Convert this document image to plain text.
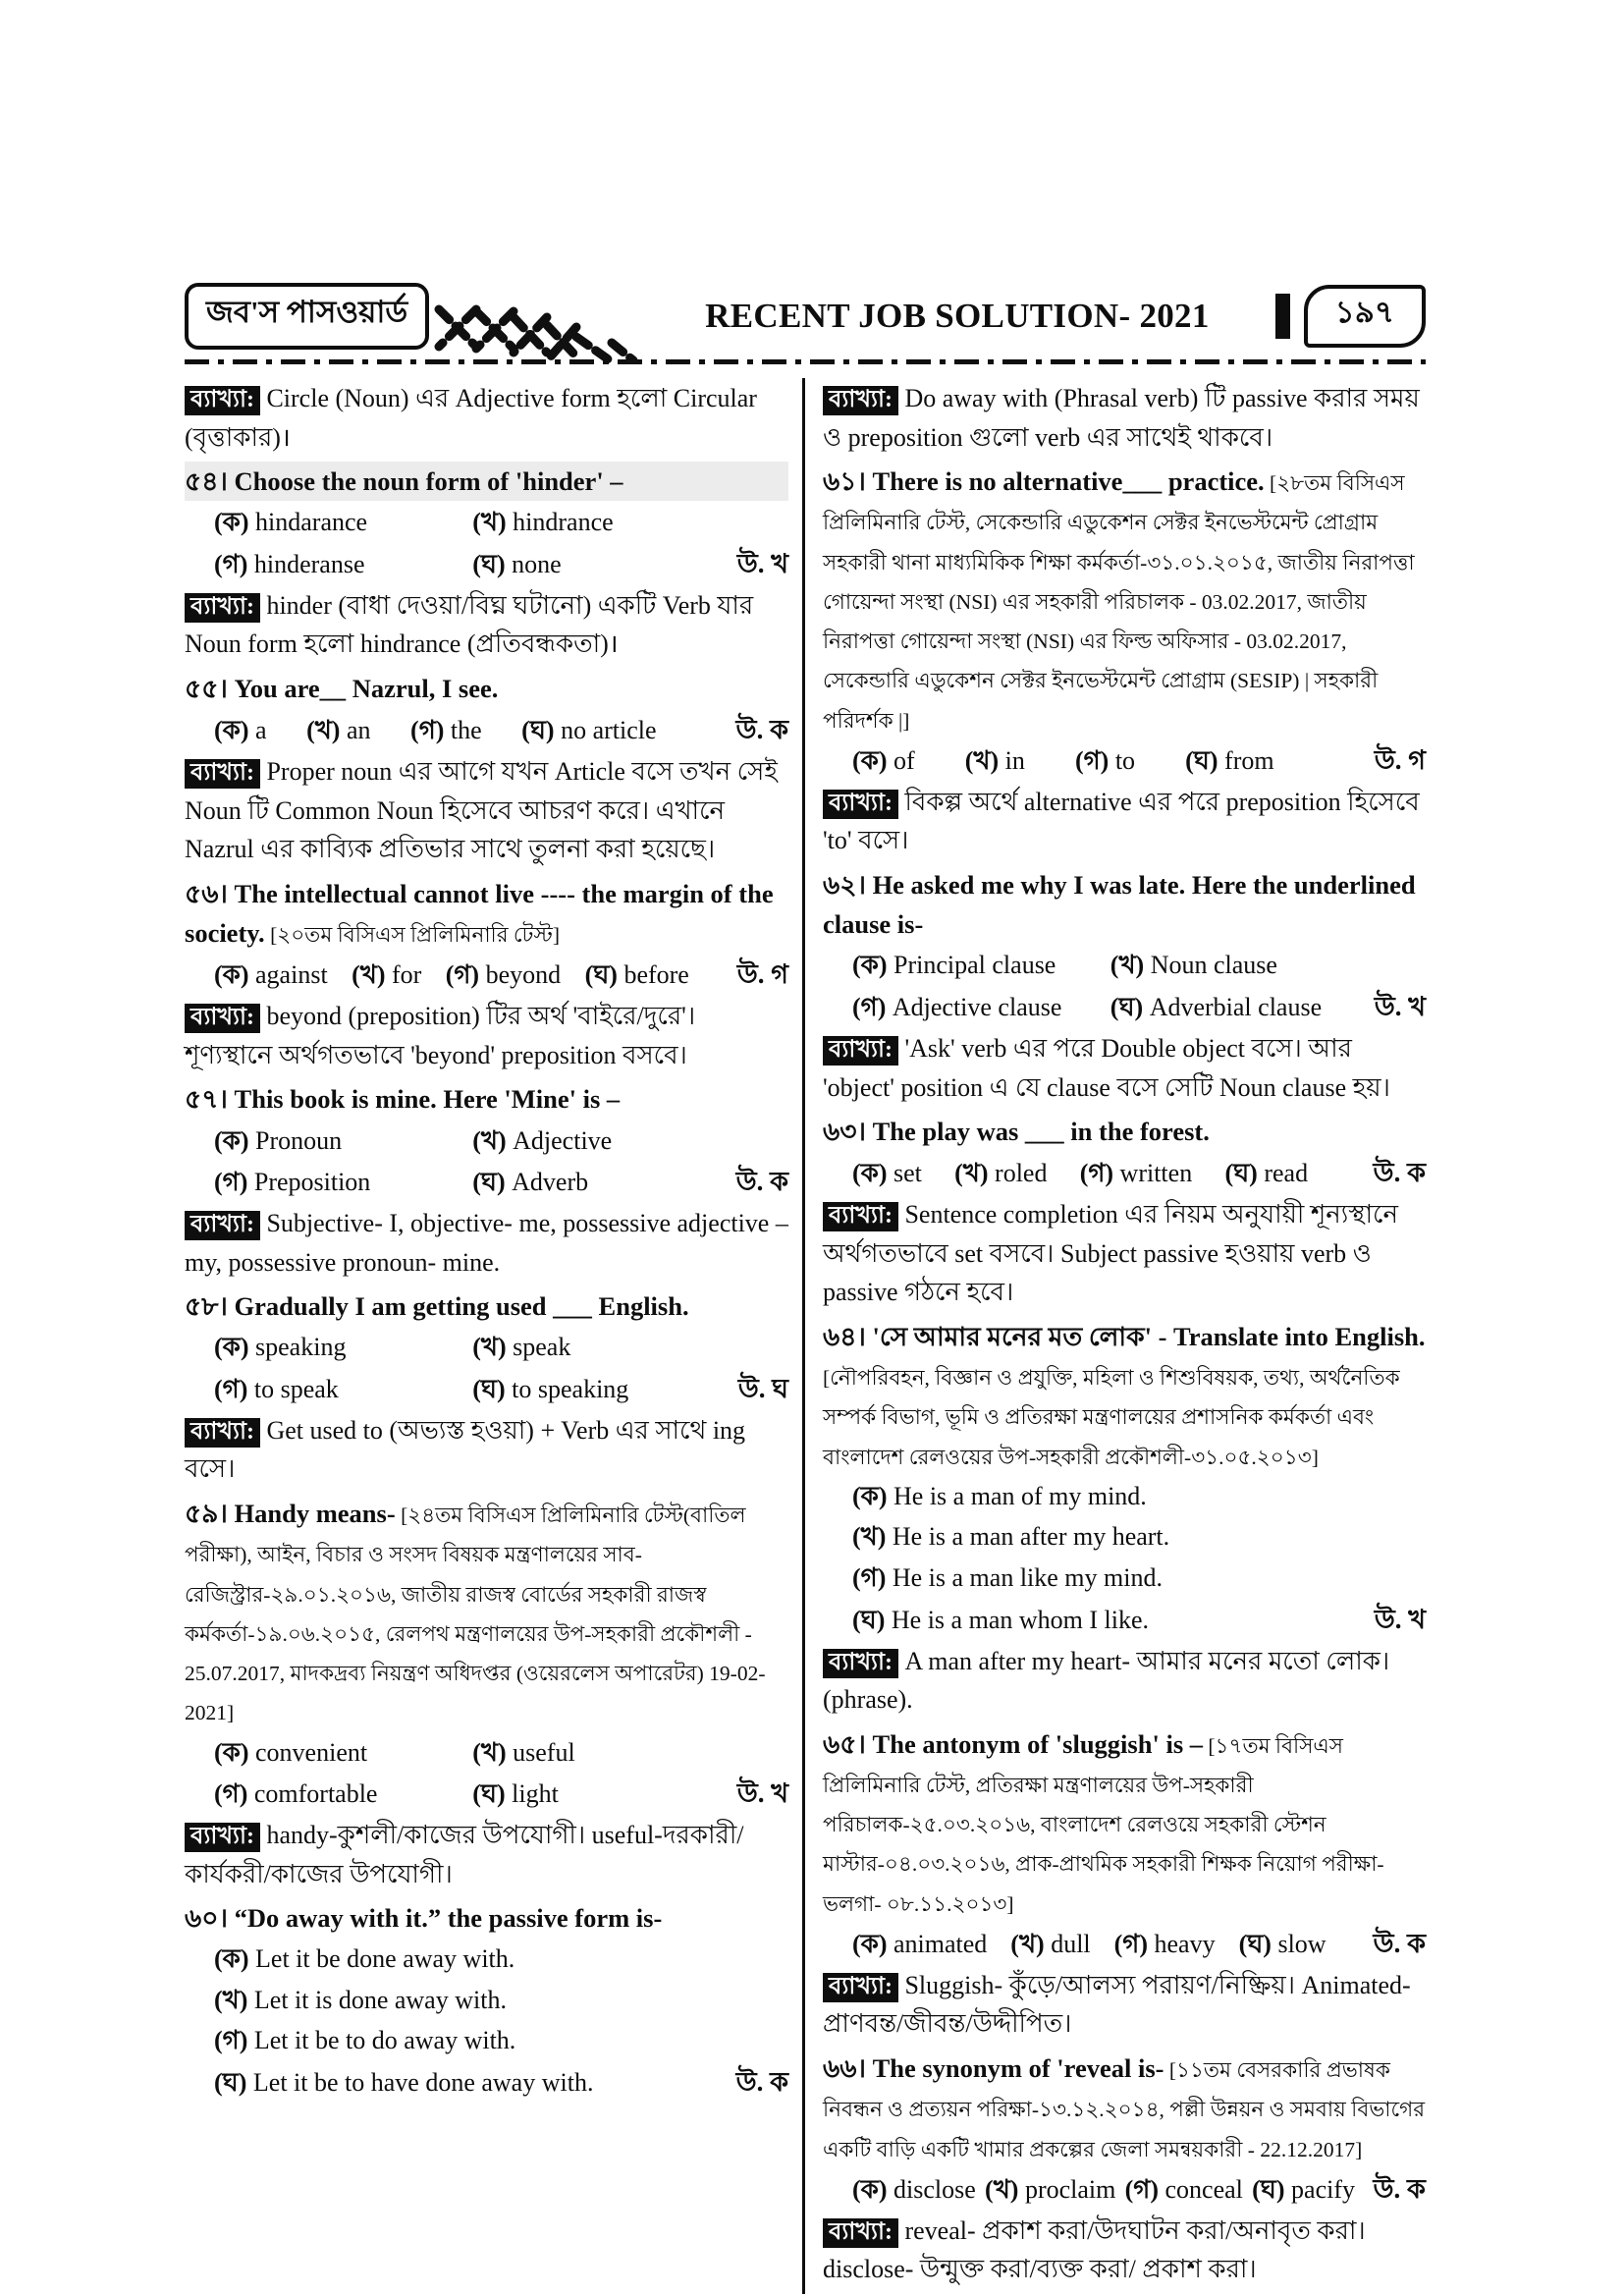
জব'স পাসওয়ার্ড	RECENT JOB SOLUTION- 2021	১৯৭
ব্যাখ্যা: Circle (Noun) এর Adjective form হলো Circular (বৃত্তাকার)।
৫৪। Choose the noun form of 'hinder' –
(ক) hindarance	(খ) hindrance
(গ) hinderanse	(ঘ) none	উ. খ
ব্যাখ্যা: hinder (বাধা দেওয়া/বিঘ্ন ঘটানো) একটি Verb যার Noun form হলো hindrance (প্রতিবন্ধকতা)।
৫৫। You are__ Nazrul, I see.
(ক) a (খ) an (গ) the (ঘ) no article	উ. ক
ব্যাখ্যা: Proper noun এর আগে যখন Article বসে তখন সেই Noun টি Common Noun হিসেবে আচরণ করে। এখানে Nazrul এর কাব্যিক প্রতিভার সাথে তুলনা করা হয়েছে।
৫৬। The intellectual cannot live ---- the margin of the society. [২০তম বিসিএস প্রিলিমিনারি টেস্ট]
(ক) against (খ) for (গ) beyond (ঘ) before উ. গ
ব্যাখ্যা: beyond (preposition) টির অর্থ 'বাইরে/দুরে'। শূণ্যস্থানে অর্থগতভাবে 'beyond' preposition বসবে।
৫৭। This book is mine. Here 'Mine' is –
(ক) Pronoun	(খ) Adjective
(গ) Preposition	(ঘ) Adverb	উ. ক
ব্যাখ্যা: Subjective- I, objective- me, possessive adjective – my, possessive pronoun- mine.
৫৮। Gradually I am getting used ___ English.
(ক) speaking	(খ) speak
(গ) to speak	(ঘ) to speaking	উ. ঘ
ব্যাখ্যা: Get used to (অভ্যস্ত হওয়া) + Verb এর সাথে ing বসে।
৫৯। Handy means- [২৪তম বিসিএস প্রিলিমিনারি টেস্ট(বাতিল পরীক্ষা), আইন, বিচার ও সংসদ বিষয়ক মন্ত্রণালয়ের সাব-রেজিস্ট্রার-২৯.০১.২০১৬, জাতীয় রাজস্ব বোর্ডের সহকারী রাজস্ব কর্মকর্তা-১৯.০৬.২০১৫, রেলপথ মন্ত্রণালয়ের উপ-সহকারী প্রকৌশলী - 25.07.2017, মাদকদ্রব্য নিয়ন্ত্রণ অধিদপ্তর (ওয়েরলেস অপারেটর) 19-02-2021]
(ক) convenient	(খ) useful
(গ) comfortable	(ঘ) light	উ. খ
ব্যাখ্যা: handy-কুশলী/কাজের উপযোগী। useful-দরকারী/কার্যকরী/কাজের উপযোগী।
৬০। “Do away with it.” the passive form is-
(ক) Let it be done away with.
(খ) Let it is done away with.
(গ) Let it be to do away with.
(ঘ) Let it be to have done away with.	উ. ক
ব্যাখ্যা: Do away with (Phrasal verb) টি passive করার সময় ও preposition গুলো verb এর সাথেই থাকবে।
৬১। There is no alternative___ practice. [২৮তম বিসিএস প্রিলিমিনারি টেস্ট, সেকেন্ডারি এডুকেশন সেক্টর ইনভেস্টমেন্ট প্রোগ্রাম সহকারী থানা মাধ্যমিকিক শিক্ষা কর্মকর্তা-৩১.০১.২০১৫, জাতীয় নিরাপত্তা গোয়েন্দা সংস্থা (NSI) এর সহকারী পরিচালক - 03.02.2017, জাতীয় নিরাপত্তা গোয়েন্দা সংস্থা (NSI) এর ফিল্ড অফিসার - 03.02.2017, সেকেন্ডারি এডুকেশন সেক্টর ইনভেস্টমেন্ট প্রোগ্রাম (SESIP) | সহকারী পরিদর্শক |]
(ক) of (খ) in (গ) to (ঘ) from	উ. গ
ব্যাখ্যা: বিকল্প অর্থে alternative এর পরে preposition হিসেবে 'to' বসে।
৬২। He asked me why I was late. Here the underlined clause is-
(ক) Principal clause	(খ) Noun clause
(গ) Adjective clause	(ঘ) Adverbial clause	উ. খ
ব্যাখ্যা: 'Ask' verb এর পরে Double object বসে। আর 'object' position এ যে clause বসে সেটি Noun clause হয়।
৬৩। The play was ___ in the forest.
(ক) set (খ) roled (গ) written (ঘ) read উ. ক
ব্যাখ্যা: Sentence completion এর নিয়ম অনুযায়ী শূন্যস্থানে অর্থগতভাবে set বসবে। Subject passive হওয়ায় verb ও passive গঠনে হবে।
৬৪। 'সে আমার মনের মত লোক' - Translate into English. [নৌপরিবহন, বিজ্ঞান ও প্রযুক্তি, মহিলা ও শিশুবিষয়ক, তথ্য, অর্থনৈতিক সম্পর্ক বিভাগ, ভূমি ও প্রতিরক্ষা মন্ত্রণালয়ের প্রশাসনিক কর্মকর্তা এবং বাংলাদেশ রেলওয়ের উপ-সহকারী প্রকৌশলী-৩১.০৫.২০১৩]
(ক) He is a man of my mind.
(খ) He is a man after my heart.
(গ) He is a man like my mind.
(ঘ) He is a man whom I like.	উ. খ
ব্যাখ্যা: A man after my heart- আমার মনের মতো লোক। (phrase).
৬৫। The antonym of 'sluggish' is – [১৭তম বিসিএস প্রিলিমিনারি টেস্ট, প্রতিরক্ষা মন্ত্রণালয়ের উপ-সহকারী পরিচালক-২৫.০৩.২০১৬, বাংলাদেশ রেলওয়ে সহকারী স্টেশন মাস্টার-০৪.০৩.২০১৬, প্রাক-প্রাথমিক সহকারী শিক্ষক নিয়োগ পরীক্ষা-ভলগা- ০৮.১১.২০১৩]
(ক) animated (খ) dull (গ) heavy (ঘ) slow উ. ক
ব্যাখ্যা: Sluggish- কুঁড়ে/আলস্য পরায়ণ/নিষ্ক্রিয়। Animated-প্রাণবন্ত/জীবন্ত/উদ্দীপিত।
৬৬। The synonym of 'reveal is- [১১তম বেসরকারি প্রভাষক নিবন্ধন ও প্রত্যয়ন পরিক্ষা-১৩.১২.২০১৪, পল্লী উন্নয়ন ও সমবায় বিভাগের একটি বাড়ি একটি খামার প্রকল্পের জেলা সমন্বয়কারী - 22.12.2017]
(ক) disclose (খ) proclaim (গ) conceal (ঘ) pacify উ. ক
ব্যাখ্যা: reveal- প্রকাশ করা/উদঘাটন করা/অনাবৃত করা। disclose- উন্মুক্ত করা/ব্যক্ত করা/ প্রকাশ করা।
